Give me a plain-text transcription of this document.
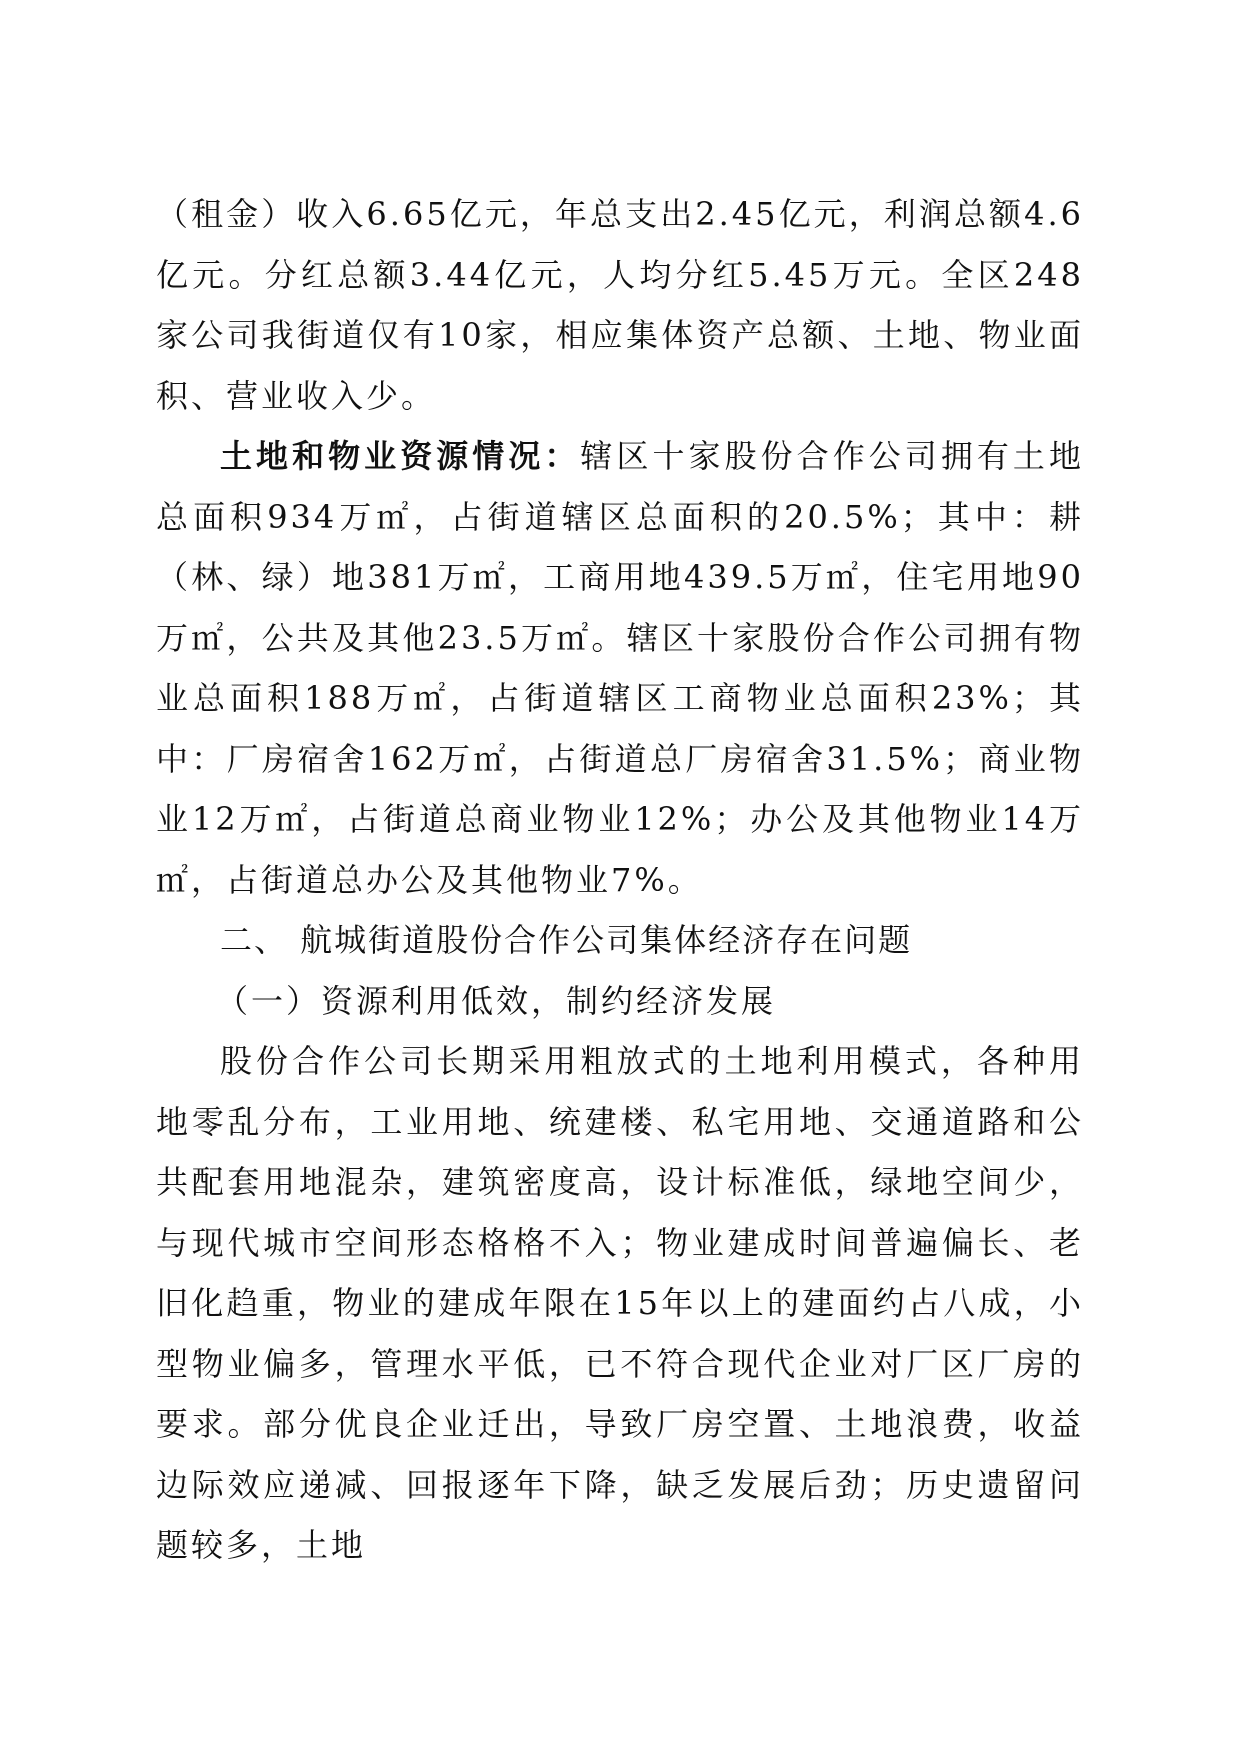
（租金）收入6.65亿元，年总支出2.45亿元，利润总额4.6亿元。分红总额3.44亿元，人均分红5.45万元。全区248家公司我街道仅有10家，相应集体资产总额、土地、物业面积、营业收入少。

土地和物业资源情况：辖区十家股份合作公司拥有土地总面积934万㎡，占街道辖区总面积的20.5%；其中：耕（林、绿）地381万㎡，工商用地439.5万㎡，住宅用地90万㎡，公共及其他23.5万㎡。辖区十家股份合作公司拥有物业总面积188万㎡，占街道辖区工商物业总面积23%；其中：厂房宿舍162万㎡，占街道总厂房宿舍31.5%；商业物业12万㎡，占街道总商业物业12%；办公及其他物业14万㎡，占街道总办公及其他物业7%。

二、 航城街道股份合作公司集体经济存在问题

（一）资源利用低效，制约经济发展

股份合作公司长期采用粗放式的土地利用模式，各种用地零乱分布，工业用地、统建楼、私宅用地、交通道路和公共配套用地混杂，建筑密度高，设计标准低，绿地空间少，与现代城市空间形态格格不入；物业建成时间普遍偏长、老旧化趋重，物业的建成年限在15年以上的建面约占八成，小型物业偏多，管理水平低，已不符合现代企业对厂区厂房的要求。部分优良企业迁出，导致厂房空置、土地浪费，收益边际效应递减、回报逐年下降，缺乏发展后劲；历史遗留问题较多，土地
